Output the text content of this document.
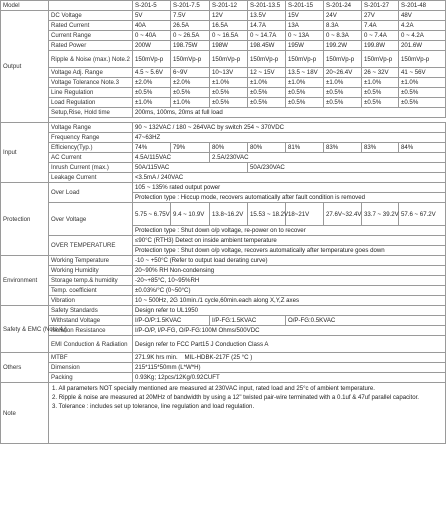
Model		S-201-5	S-201-7.5	S-201-12	S-201-13.5	S-201-15	S-201-24	S-201-27	S-201-48
Output	DC Voltage	5V	7.5V	12V	13.5V	15V	24V	27V	48V
	Rated Current	40A	26.5A	16.5A	14.7A	13A	8.3A	7.4A	4.2A
	Current Range	0 ~ 40A	0 ~ 26.5A	0 ~ 16.5A	0 ~ 14.7A	0 ~ 13A	0 ~ 8.3A	0 ~ 7.4A	0 ~ 4.2A
	Rated Power	200W	198.75W	198W	198.45W	195W	199.2W	199.8W	201.6W
	Ripple & Noise (max.) Note.2	150mVp-p	150mVp-p	150mVp-p	150mVp-p	150mVp-p	150mVp-p	150mVp-p	150mVp-p
	Voltage Adj. Range	4.5 ~ 5.6V	6~9V	10~13V	12 ~ 15V	13.5 ~ 18V	20~26.4V	26 ~ 32V	41 ~ 56V
	Voltage Tolerance Note.3	±2.0%	±2.0%	±1.0%	±1.0%	±1.0%	±1.0%	±1.0%	±1.0%
	Line Regulation	±0.5%	±0.5%	±0.5%	±0.5%	±0.5%	±0.5%	±0.5%	±0.5%
	Load Regulation	±1.0%	±1.0%	±0.5%	±0.5%	±0.5%	±0.5%	±0.5%	±0.5%
	Setup,Rise, Hold time	200ms, 100ms, 20ms at full load							

Input	Voltage Range	90 ~ 132VAC / 180 ~ 264VAC by switch 254 ~ 370VDC							
	Frequency Range	47~63HZ							
	Efficiency(Typ.)	74%	79%	80%	80%	81%	83%	83%	84%
	AC Current	4.5A/115VAC		2.5A/230VAC					
	Inrush Current (max.)	50A/115VAC			50A/230VAC				
	Leakage Current	<3.5mA / 240VAC							
Protection	Over Load	105 ~ 135% rated output power							
		Protection type : Hiccup mode, recovers automatically after fault condition is removed							
	Over Voltage	5.75 ~ 6.75V	9.4 ~ 10.9V	13.8~16.2V	15.53 ~ 18.2V	18~21V	27.6V~32.4V	33.7 ~ 39.2V	57.6 ~ 67.2V
		Protection type : Shut down o/p voltage, re-power on to recover							
	OVER TEMPERATURE	≤90°C (RTH3) Detect on inside ambient temperature							
		Protection type : Shut down o/p voltage, recovers automatically after temperature goes down							
Environment	Working Temperature	-10 ~ +50°C (Refer to output load derating curve)							
	Working Humidity	20~90% RH Non-condensing							
	Storage temp.& humidity	-20~+85°C, 10~95%RH							
	Temp. coefficient	±0.03%/°C (0~50°C)							
	Vibration	10 ~ 500Hz, 2G 10min./1 cycle,60min.each along X,Y,Z axes							
Safety & EMC (Note 4.)	Safety Standards	Design refer to UL1950							
	Withstand Voltage	I/P-O/P:1.5KVAC		I/P-FG:1.5KVAC		O/P-FG:0.5KVAC			
	Isolation Resistance	I/P-O/P, I/P-FG, O/P-FG:100M Ohms/500VDC							
	EMI Conduction & Radiation	Design refer to FCC Part15 J Conduction Class A							
Others	MTBF	271.9K hrs min.    MIL-HDBK-217F (25 °C )							
	Dimension	215*115*50mm (L*W*H)							
	Packing	0.93Kg; 12pcs/12Kg/0.92CUFT							
Note	1. All parameters NOT specially mentioned are measured at 230VAC input, rated load and 25°c of ambient temperature.
2. Ripple & noise are measured at 20MHz of bandwidth by using a 12" twisted pair-wire terminated with a 0.1uf & 47uf parallel capacitor.
3. Tolerance : includes set up tolerance, line regulation and load regulation.								
